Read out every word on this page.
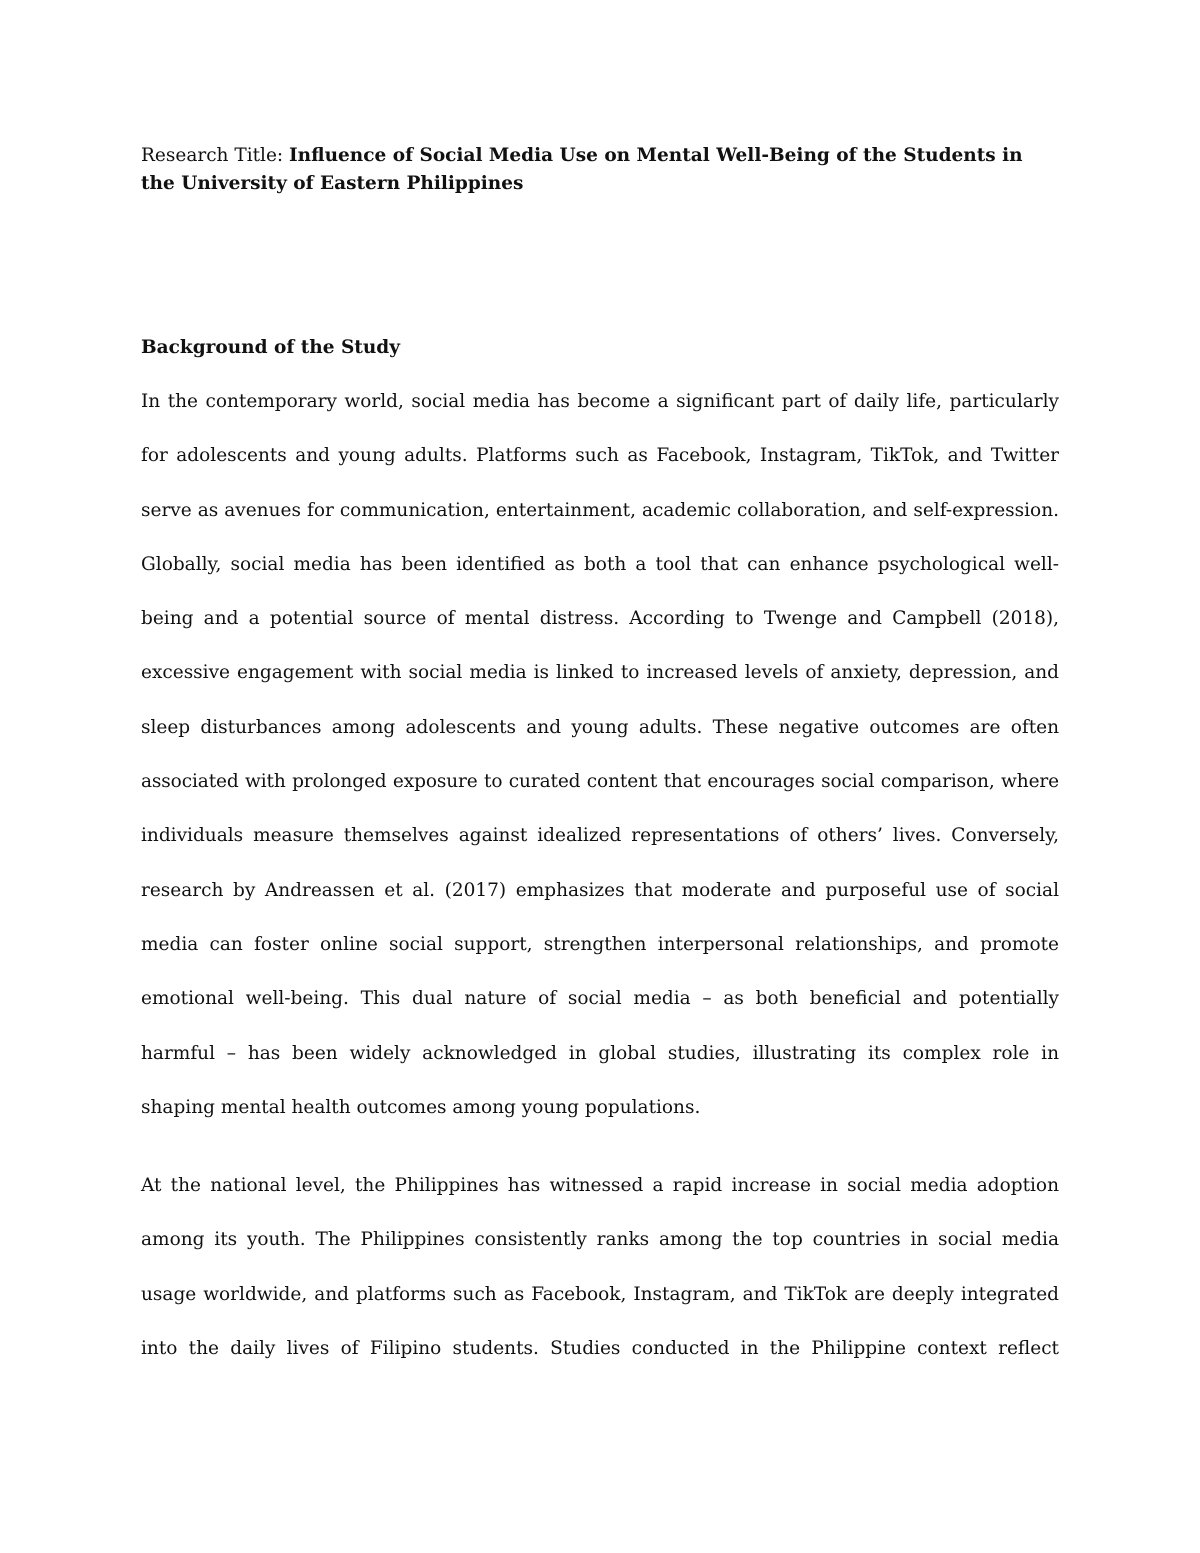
Research Title: Influence of Social Media Use on Mental Well-Being of the Students in the University of Eastern Philippines
Background of the Study
In the contemporary world, social media has become a significant part of daily life, particularly
for adolescents and young adults. Platforms such as Facebook, Instagram, TikTok, and Twitter
serve as avenues for communication, entertainment, academic collaboration, and self-expression.
Globally, social media has been identified as both a tool that can enhance psychological well-
being and a potential source of mental distress. According to Twenge and Campbell (2018),
excessive engagement with social media is linked to increased levels of anxiety, depression, and
sleep disturbances among adolescents and young adults. These negative outcomes are often
associated with prolonged exposure to curated content that encourages social comparison, where
individuals measure themselves against idealized representations of others’ lives. Conversely,
research by Andreassen et al. (2017) emphasizes that moderate and purposeful use of social
media can foster online social support, strengthen interpersonal relationships, and promote
emotional well-being. This dual nature of social media – as both beneficial and potentially
harmful – has been widely acknowledged in global studies, illustrating its complex role in
shaping mental health outcomes among young populations.
At the national level, the Philippines has witnessed a rapid increase in social media adoption
among its youth. The Philippines consistently ranks among the top countries in social media
usage worldwide, and platforms such as Facebook, Instagram, and TikTok are deeply integrated
into the daily lives of Filipino students. Studies conducted in the Philippine context reflect
